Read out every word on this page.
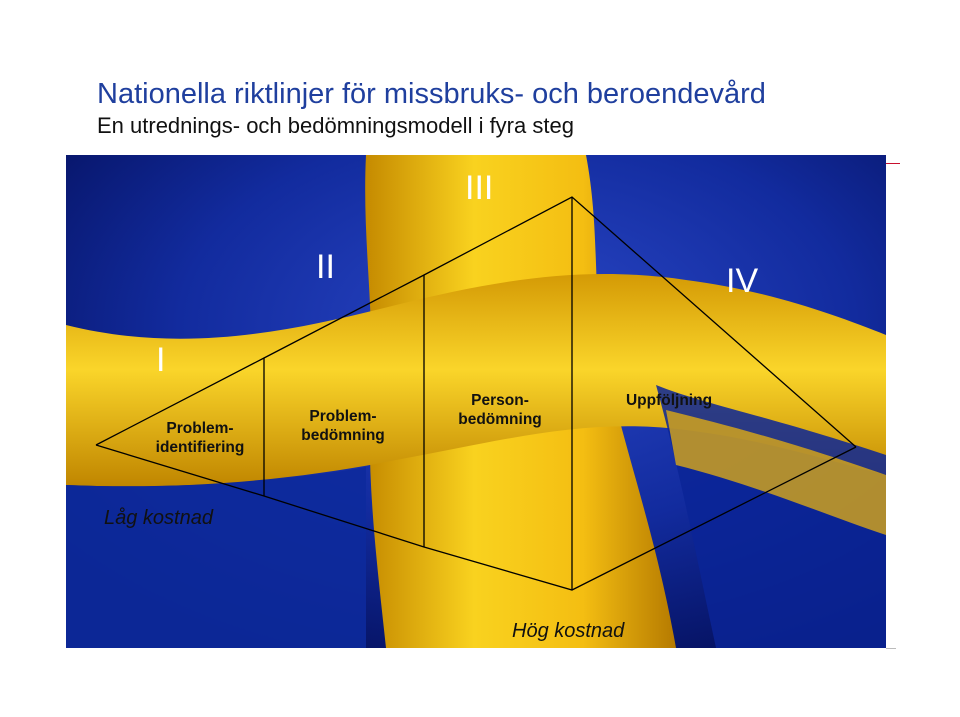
Nationella riktlinjer för missbruks- och beroendevård
En utrednings- och bedömningsmodell i fyra steg
I
II
III
IV
Problem-
identifiering
Problem-
bedömning
Person-
bedömning
Uppföljning
Låg kostnad
Hög kostnad
